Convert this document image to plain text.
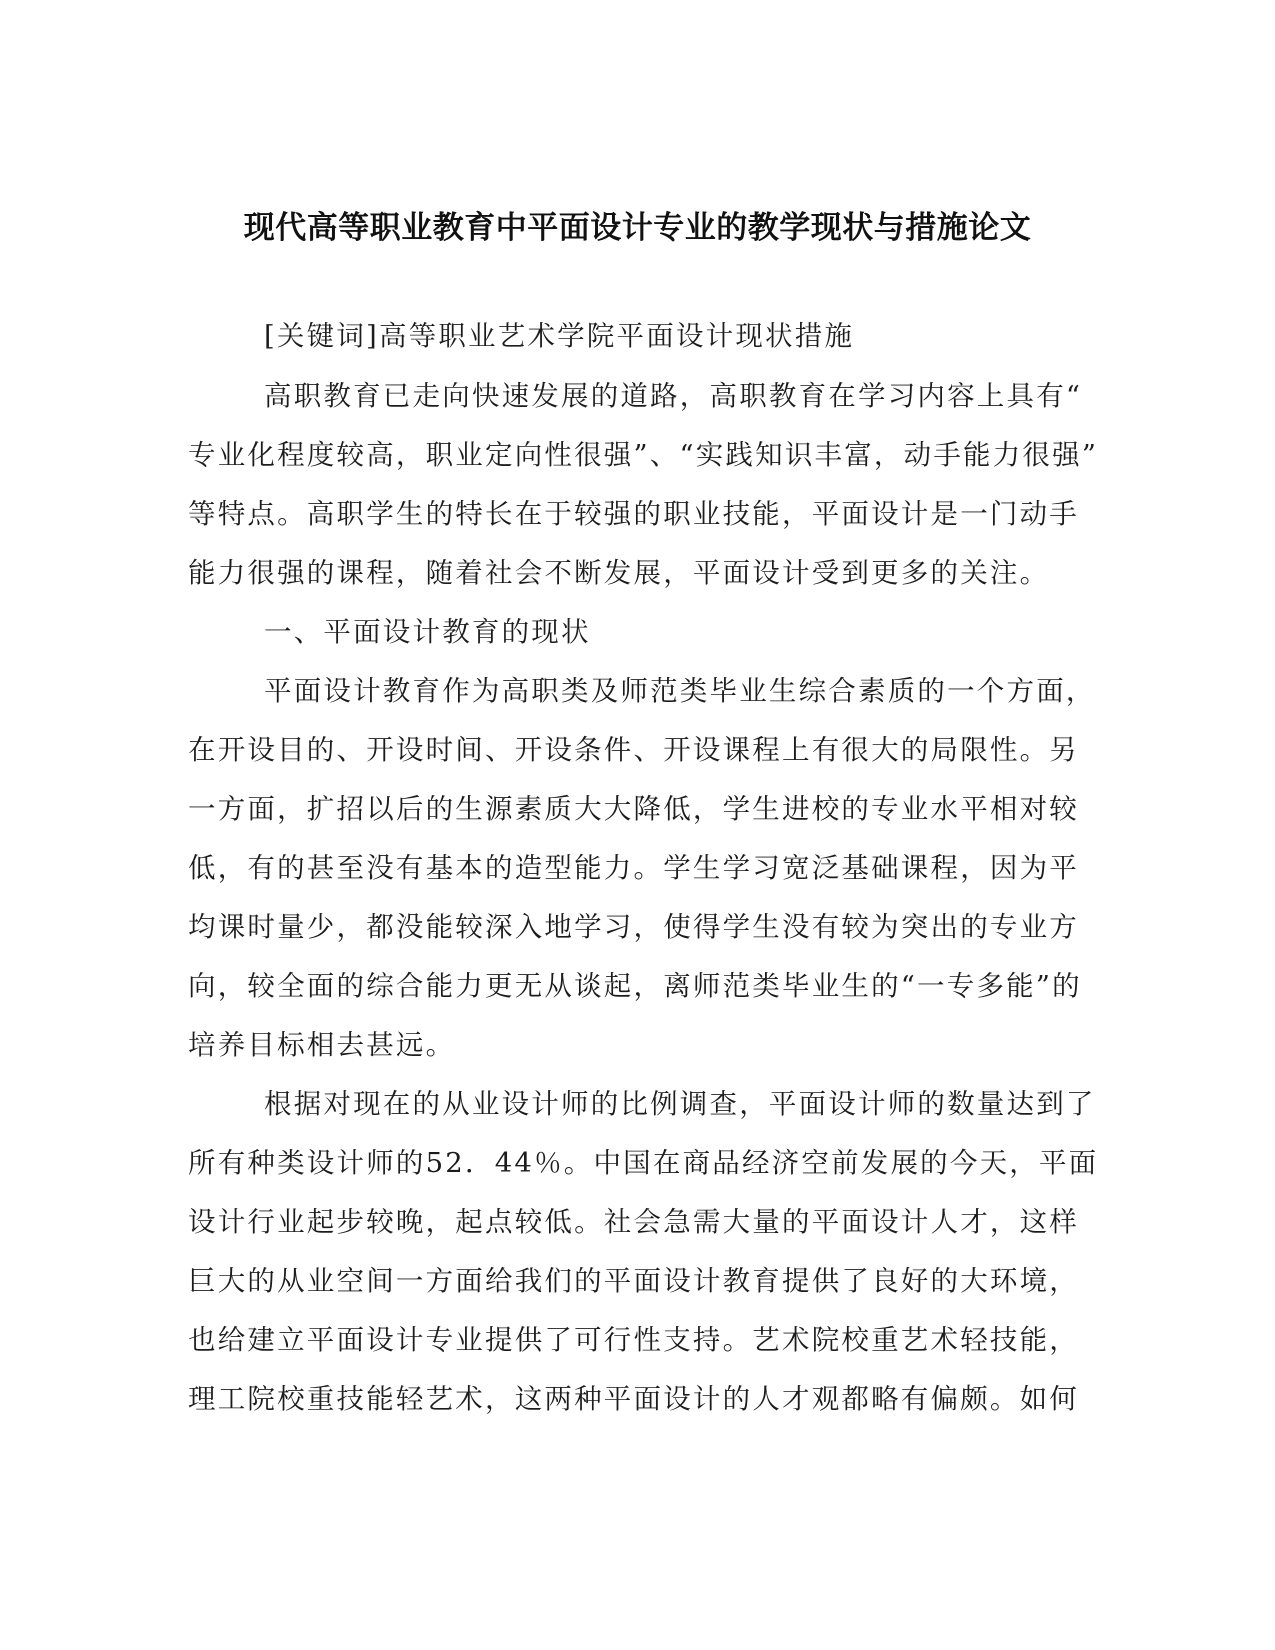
现代高等职业教育中平面设计专业的教学现状与措施论文
[关键词]高等职业艺术学院平面设计现状措施
高职教育已走向快速发展的道路，高职教育在学习内容上具有“
专业化程度较高，职业定向性很强”、“实践知识丰富，动手能力很强”
等特点。高职学生的特长在于较强的职业技能，平面设计是一门动手
能力很强的课程，随着社会不断发展，平面设计受到更多的关注。
一、平面设计教育的现状
平面设计教育作为高职类及师范类毕业生综合素质的一个方面，
在开设目的、开设时间、开设条件、开设课程上有很大的局限性。另
一方面，扩招以后的生源素质大大降低，学生进校的专业水平相对较
低，有的甚至没有基本的造型能力。学生学习宽泛基础课程，因为平
均课时量少，都没能较深入地学习，使得学生没有较为突出的专业方
向，较全面的综合能力更无从谈起，离师范类毕业生的“一专多能”的
培养目标相去甚远。
根据对现在的从业设计师的比例调查，平面设计师的数量达到了
所有种类设计师的52．44％。中国在商品经济空前发展的今天，平面
设计行业起步较晚，起点较低。社会急需大量的平面设计人才，这样
巨大的从业空间一方面给我们的平面设计教育提供了良好的大环境，
也给建立平面设计专业提供了可行性支持。艺术院校重艺术轻技能，
理工院校重技能轻艺术，这两种平面设计的人才观都略有偏颇。如何
